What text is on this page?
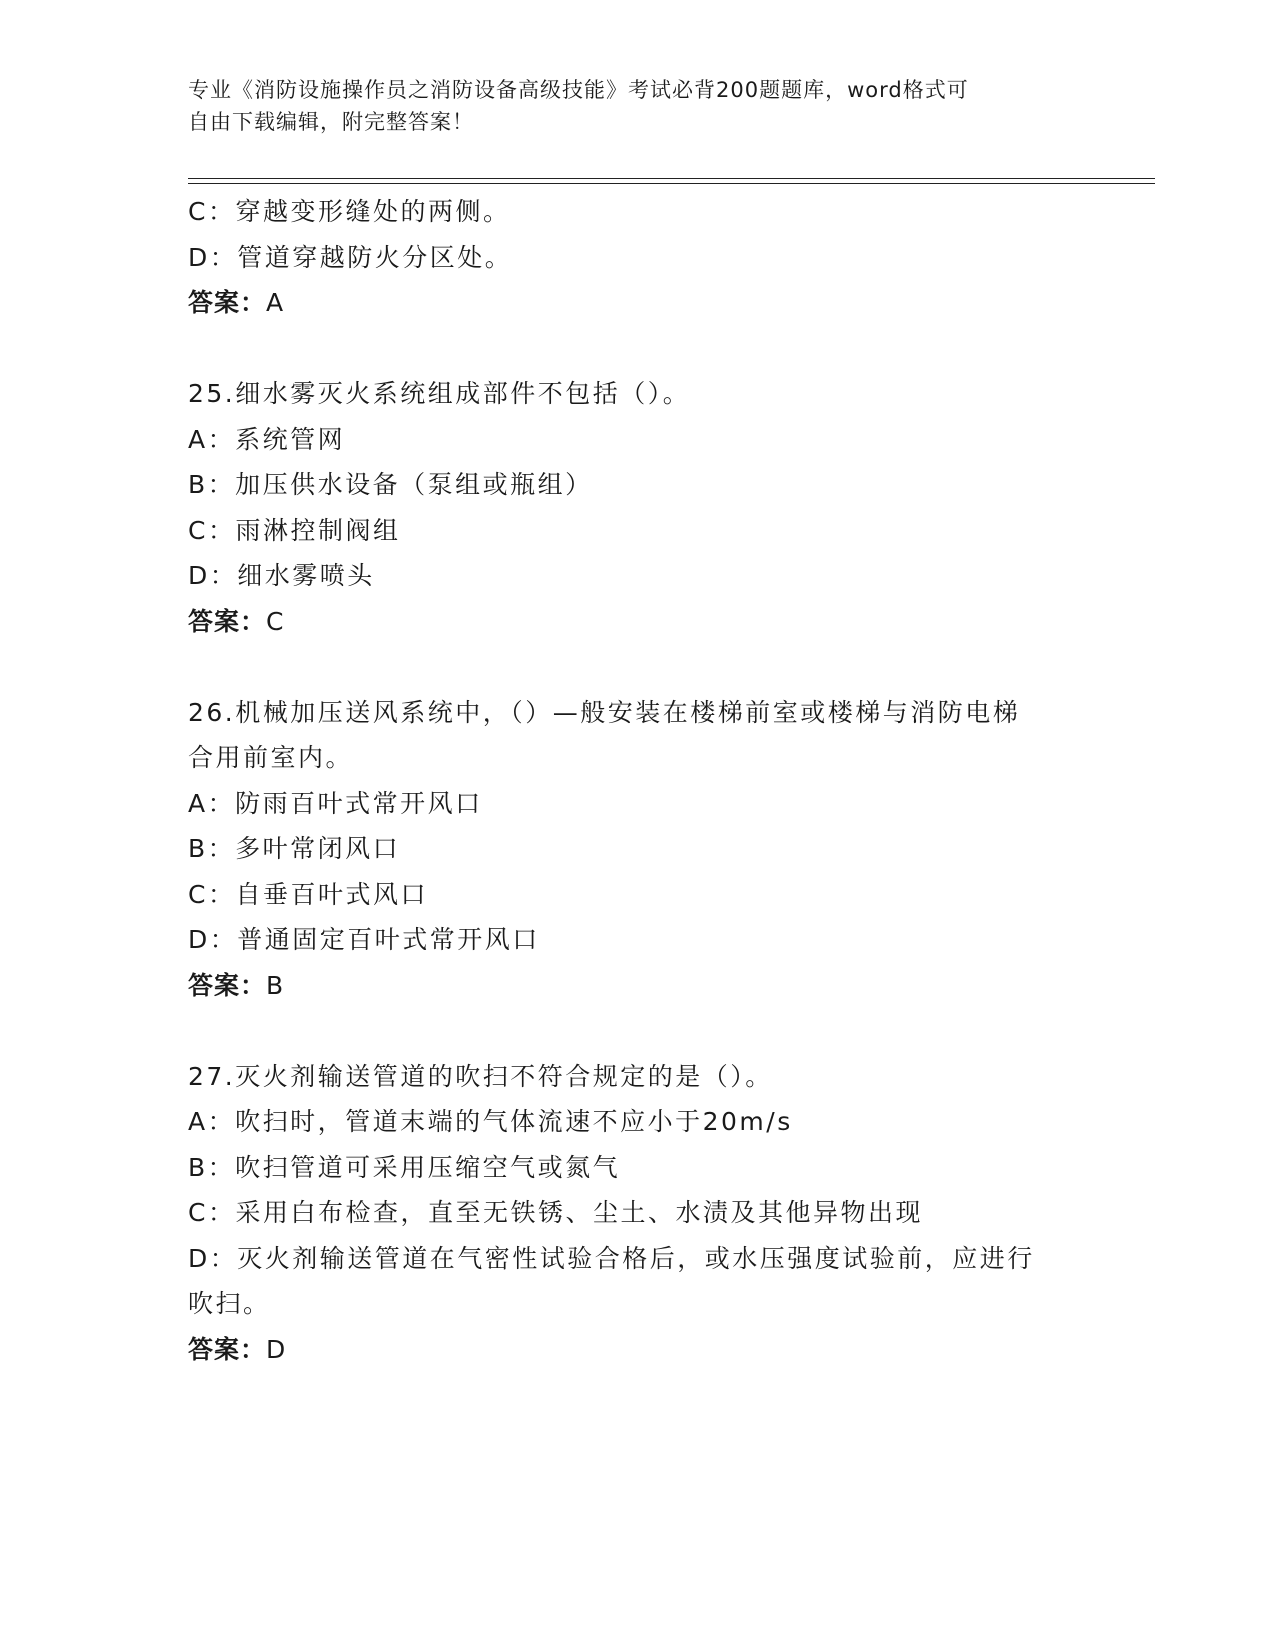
专业《消防设施操作员之消防设备高级技能》考试必背200题题库，word格式可
自由下载编辑，附完整答案！
C：穿越变形缝处的两侧。
D：管道穿越防火分区处。
答案：A
25.细水雾灭火系统组成部件不包括（）。
A：系统管网
B：加压供水设备（泵组或瓶组）
C：雨淋控制阀组
D：细水雾喷头
答案：C
26.机械加压送风系统中，（）—般安装在楼梯前室或楼梯与消防电梯
合用前室内。
A：防雨百叶式常开风口
B：多叶常闭风口
C：自垂百叶式风口
D：普通固定百叶式常开风口
答案：B
27.灭火剂输送管道的吹扫不符合规定的是（）。
A：吹扫时，管道末端的气体流速不应小于20m/s
B：吹扫管道可采用压缩空气或氮气
C：采用白布检查，直至无铁锈、尘土、水渍及其他异物出现
D：灭火剂输送管道在气密性试验合格后，或水压强度试验前，应进行
吹扫。
答案：D
